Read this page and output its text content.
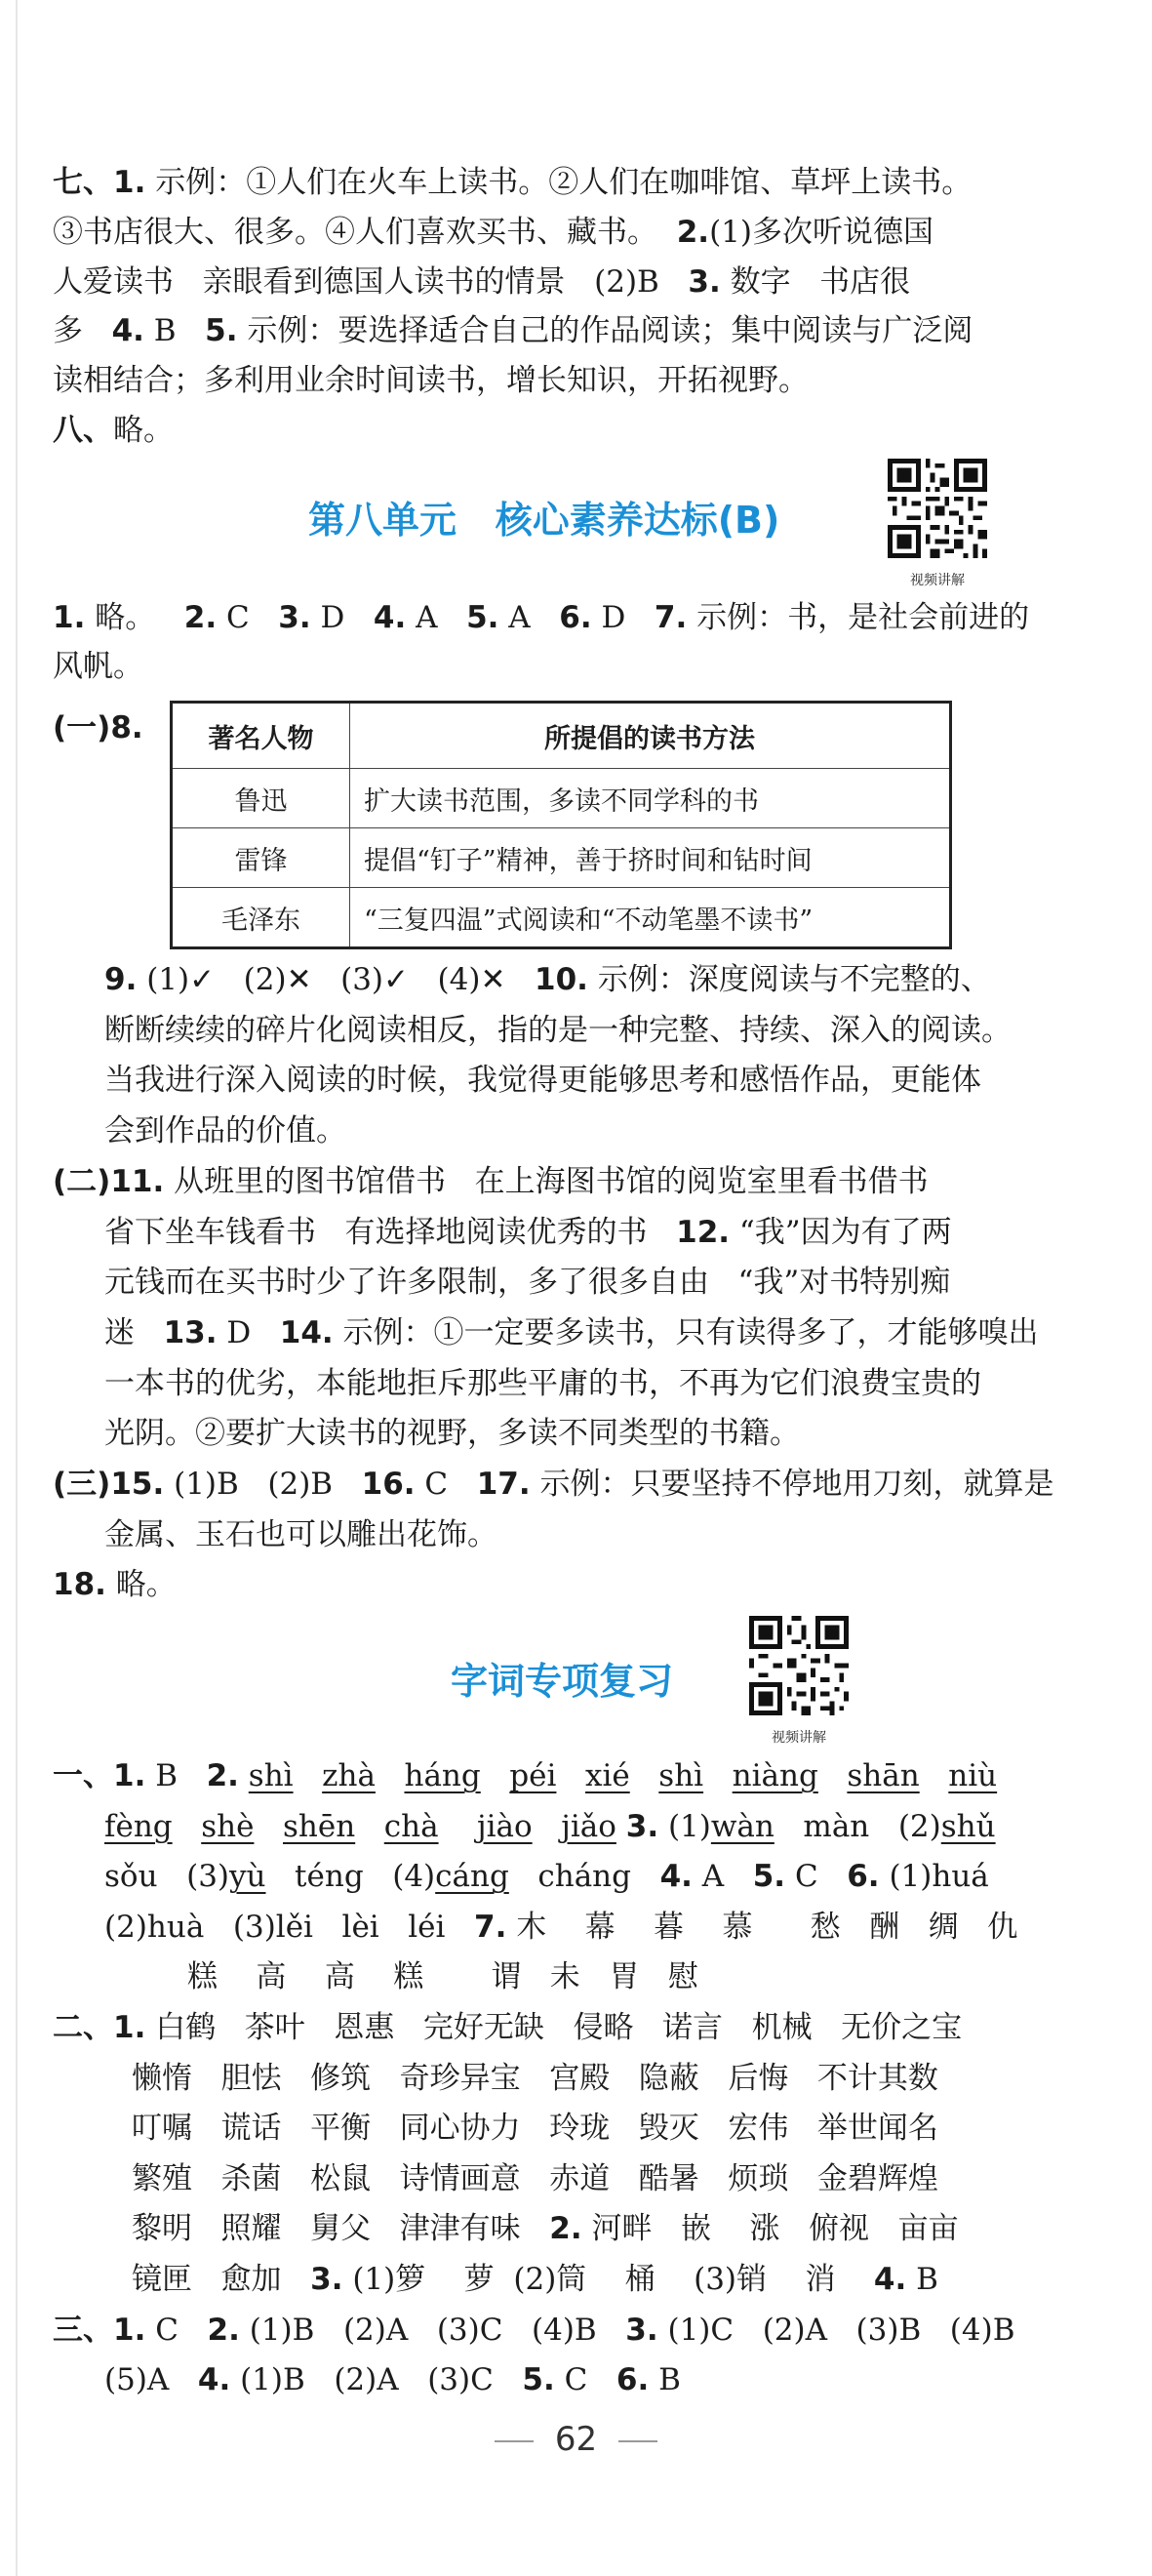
七、1. 示例：①人们在火车上读书。②人们在咖啡馆、草坪上读书。
③书店很大、很多。④人们喜欢买书、藏书。  2.(1)多次听说德国
人爱读书   亲眼看到德国人读书的情景   (2)B   3. 数字   书店很
多   4. B   5. 示例：要选择适合自己的作品阅读；集中阅读与广泛阅
读相结合；多利用业余时间读书，增长知识，开拓视野。
八、略。
第八单元   核心素养达标(B)
视频讲解
1. 略。   2. C   3. D   4. A   5. A   6. D   7. 示例：书，是社会前进的
风帆。
(一)8. 著名人物	所提倡的读书方法
鲁迅	扩大读书范围，多读不同学科的书
雷锋	提倡“钉子”精神，善于挤时间和钻时间
毛泽东	“三复四温”式阅读和“不动笔墨不读书”
9. (1)✓   (2)✕   (3)✓   (4)✕   10. 示例：深度阅读与不完整的、
断断续续的碎片化阅读相反，指的是一种完整、持续、深入的阅读。
当我进行深入阅读的时候，我觉得更能够思考和感悟作品，更能体
会到作品的价值。
(二)11. 从班里的图书馆借书   在上海图书馆的阅览室里看书借书
省下坐车钱看书   有选择地阅读优秀的书   12. “我”因为有了两
元钱而在买书时少了许多限制，多了很多自由   “我”对书特别痴
迷   13. D   14. 示例：①一定要多读书，只有读得多了，才能够嗅出
一本书的优劣，本能地拒斥那些平庸的书，不再为它们浪费宝贵的
光阴。②要扩大读书的视野，多读不同类型的书籍。
(三)15. (1)B   (2)B   16. C   17. 示例：只要坚持不停地用刀刻，就算是
金属、玉石也可以雕出花饰。
18. 略。
字词专项复习
视频讲解
一、1. B   2. shì zhà háng péi xié shì niàng shān niù
fèng shè shēn chà jiào jiǎo 3. (1)wàn   màn   (2)shǔ
sǒu   (3)yù   téng   (4)cáng   cháng   4. A   5. C   6. (1)huá
(2)huà   (3)lěi   lèi   léi   7. 木    幕    暮    慕      愁   酬   绸   仇
糕    高    高    糕       谓   未   胃   慰
二、1. 白鹤   茶叶   恩惠   完好无缺   侵略   诺言   机械   无价之宝
懒惰   胆怯   修筑   奇珍异宝   宫殿   隐蔽   后悔   不计其数
叮嘱   谎话   平衡   同心协力   玲珑   毁灭   宏伟   举世闻名
繁殖   杀菌   松鼠   诗情画意   赤道   酷暑   烦琐   金碧辉煌
黎明   照耀   舅父   津津有味   2. 河畔   嵌    涨   俯视   亩亩
镜匣   愈加   3. (1)箩    萝  (2)筒    桶    (3)销    消    4. B
三、1. C   2. (1)B   (2)A   (3)C   (4)B   3. (1)C   (2)A   (3)B   (4)B
(5)A   4. (1)B   (2)A   (3)C   5. C   6. B
62
